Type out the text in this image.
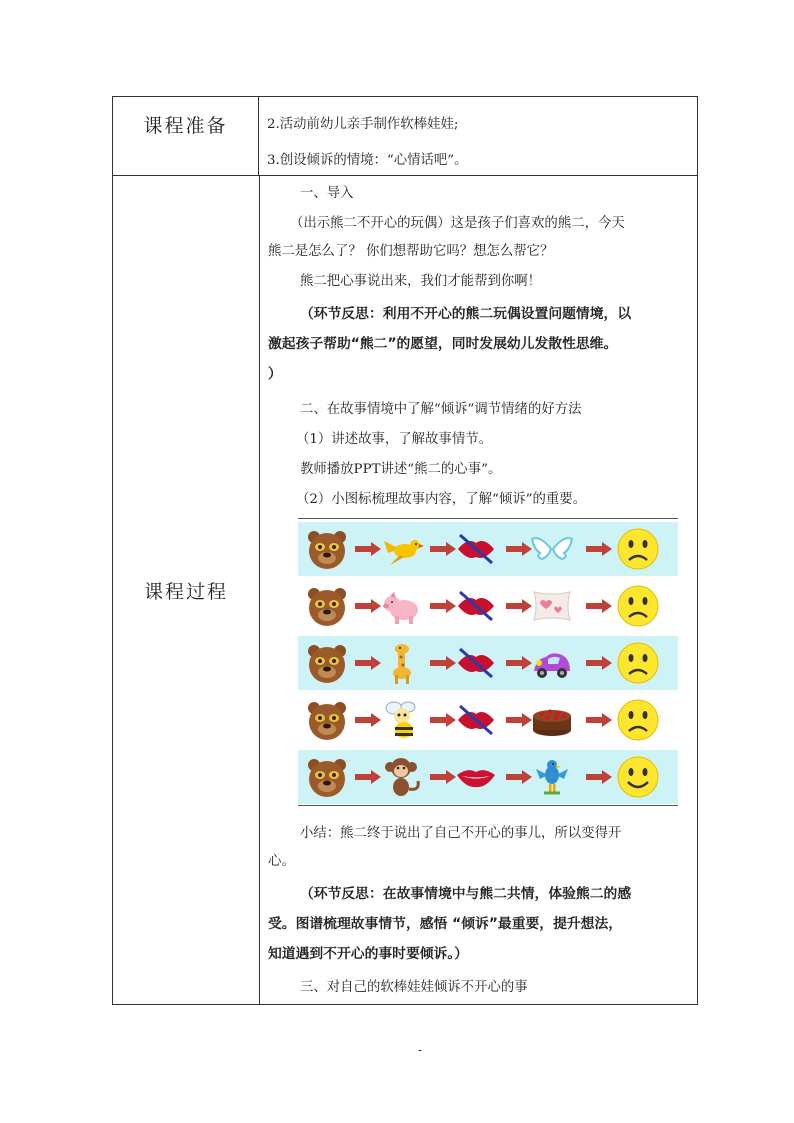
课程准备	2.活动前幼儿亲手制作软棒娃娃;
3.创设倾诉的情境：“心情话吧”。
课程过程
一、导入
（出示熊二不开心的玩偶）这是孩子们喜欢的熊二，今天
熊二是怎么了？ 你们想帮助它吗？想怎么帮它？
熊二把心事说出来，我们才能帮到你啊！
（环节反思：利用不开心的熊二玩偶设置问题情境，以
激起孩子帮助“熊二”的愿望，同时发展幼儿发散性思维。
）
二、在故事情境中了解“倾诉”调节情绪的好方法
（1）讲述故事，了解故事情节。
教师播放PPT讲述“熊二的心事”。
（2）小图标梳理故事内容，了解“倾诉”的重要。
小结：熊二终于说出了自己不开心的事儿，所以变得开
心。
（环节反思：在故事情境中与熊二共情，体验熊二的感
受。图谱梳理故事情节，感悟 “倾诉”最重要，提升想法，
知道遇到不开心的事时要倾诉。）
三、对自己的软棒娃娃倾诉不开心的事
-
